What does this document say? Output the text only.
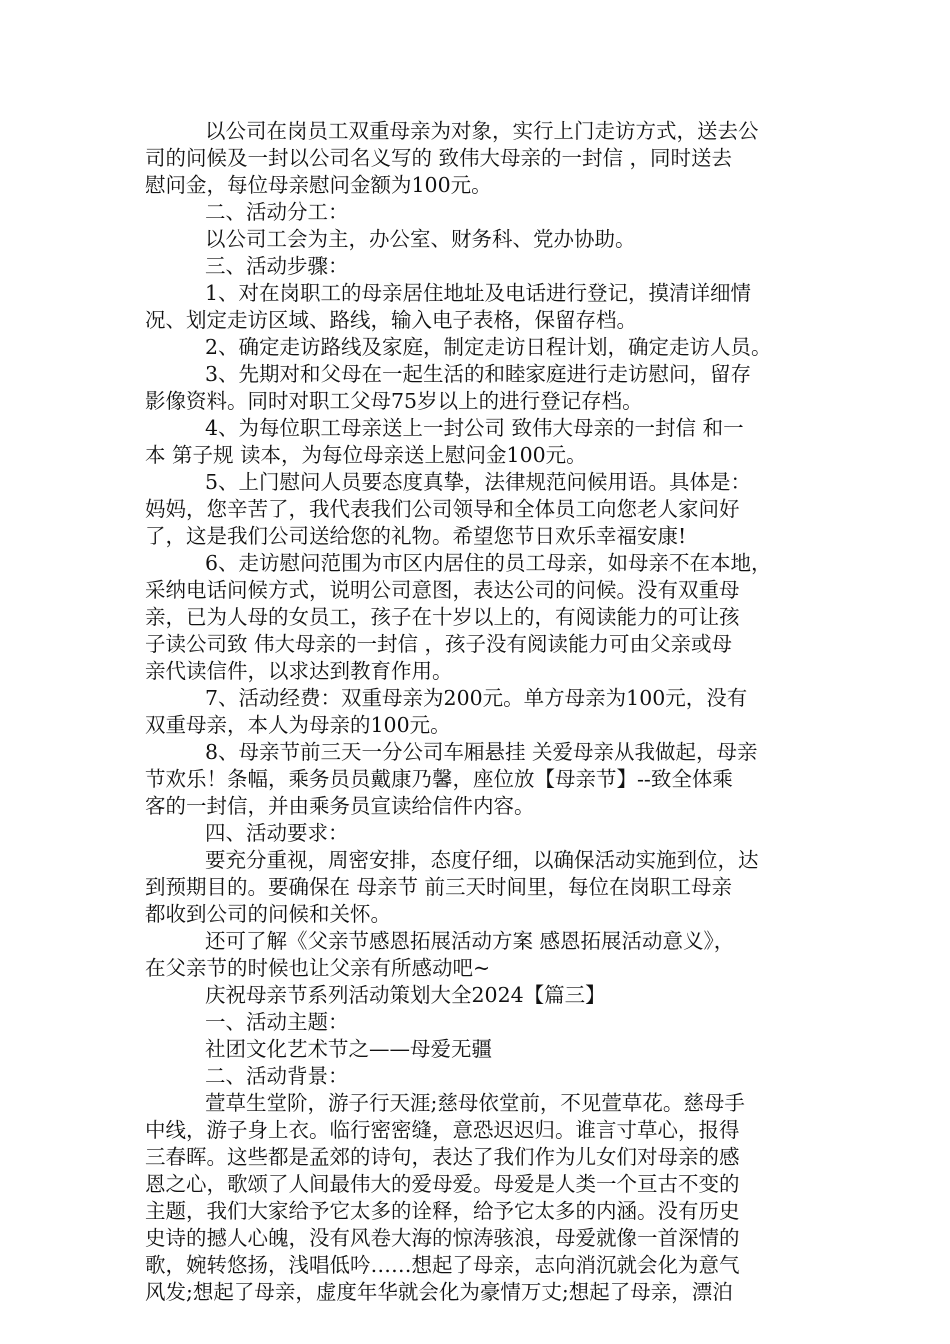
以公司在岗员工双重母亲为对象，实行上门走访方式，送去公
司的问候及一封以公司名义写的 致伟大母亲的一封信 ，同时送去
慰问金，每位母亲慰问金额为100元。
二、活动分工：
以公司工会为主，办公室、财务科、党办协助。
三、活动步骤：
1、对在岗职工的母亲居住地址及电话进行登记，摸清详细情
况、划定走访区域、路线，输入电子表格，保留存档。
2、确定走访路线及家庭，制定走访日程计划，确定走访人员。
3、先期对和父母在一起生活的和睦家庭进行走访慰问，留存
影像资料。同时对职工父母75岁以上的进行登记存档。
4、为每位职工母亲送上一封公司 致伟大母亲的一封信 和一
本 第子规 读本，为每位母亲送上慰问金100元。
5、上门慰问人员要态度真挚，法律规范问候用语。具体是：
妈妈，您辛苦了，我代表我们公司领导和全体员工向您老人家问好
了，这是我们公司送给您的礼物。希望您节日欢乐幸福安康!
6、走访慰问范围为市区内居住的员工母亲，如母亲不在本地，
采纳电话问候方式，说明公司意图，表达公司的问候。没有双重母
亲，已为人母的女员工，孩子在十岁以上的，有阅读能力的可让孩
子读公司致 伟大母亲的一封信 ，孩子没有阅读能力可由父亲或母
亲代读信件，以求达到教育作用。
7、活动经费：双重母亲为200元。单方母亲为100元，没有
双重母亲，本人为母亲的100元。
8、母亲节前三天一分公司车厢悬挂 关爱母亲从我做起，母亲
节欢乐！条幅，乘务员员戴康乃馨，座位放【母亲节】--致全体乘
客的一封信，并由乘务员宣读给信件内容。
四、活动要求：
要充分重视，周密安排，态度仔细，以确保活动实施到位，达
到预期目的。要确保在 母亲节 前三天时间里，每位在岗职工母亲
都收到公司的问候和关怀。
还可了解《父亲节感恩拓展活动方案 感恩拓展活动意义》，
在父亲节的时候也让父亲有所感动吧~
庆祝母亲节系列活动策划大全2024【篇三】
一、活动主题：
社团文化艺术节之——母爱无疆
二、活动背景：
萱草生堂阶，游子行天涯;慈母依堂前，不见萱草花。慈母手
中线，游子身上衣。临行密密缝，意恐迟迟归。谁言寸草心，报得
三春晖。这些都是孟郊的诗句，表达了我们作为儿女们对母亲的感
恩之心，歌颂了人间最伟大的爱母爱。母爱是人类一个亘古不变的
主题，我们大家给予它太多的诠释，给予它太多的内涵。没有历史
史诗的撼人心魄，没有风卷大海的惊涛骇浪，母爱就像一首深情的
歌，婉转悠扬，浅唱低吟……想起了母亲，志向消沉就会化为意气
风发;想起了母亲，虚度年华就会化为豪情万丈;想起了母亲，漂泊
